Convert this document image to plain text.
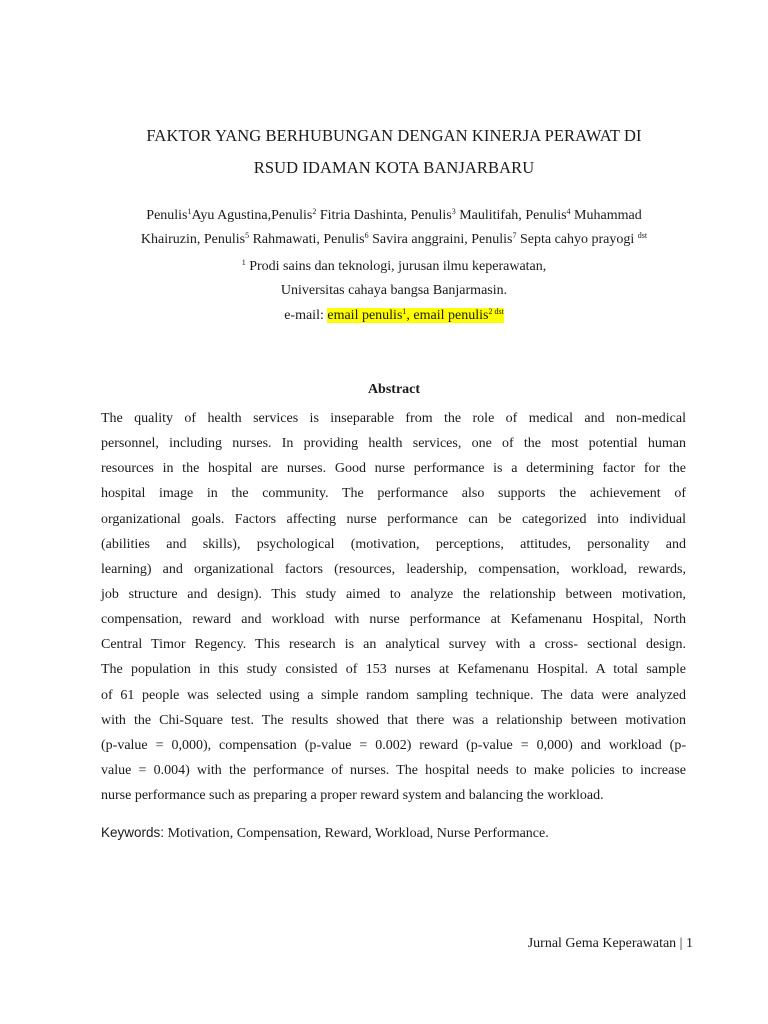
FAKTOR YANG BERHUBUNGAN DENGAN KINERJA PERAWAT DI
RSUD IDAMAN KOTA BANJARBARU
Penulis$^1$Ayu Agustina,Penulis$^2$ Fitria Dashinta, Penulis$^3$ Maulitifah, Penulis$^4$ Muhammad
Khairuzin, Penulis$^5$ Rahmawati, Penulis$^6$ Savira anggraini, Penulis$^7$ Septa cahyo prayogi $^{dst}$
$^1$ Prodi sains dan teknologi, jurusan ilmu keperawatan,
Universitas cahaya bangsa Banjarmasin.
e-mail: email penulis$^1$, email penulis$^2$ $^{dst}$
Abstract
The quality of health services is inseparable from the role of medical and non-medical
personnel, including nurses. In providing health services, one of the most potential human
resources in the hospital are nurses. Good nurse performance is a determining factor for the
hospital image in the community. The performance also supports the achievement of
organizational goals. Factors affecting nurse performance can be categorized into individual
(abilities and skills), psychological (motivation, perceptions, attitudes, personality and
learning) and organizational factors (resources, leadership, compensation, workload, rewards,
job structure and design). This study aimed to analyze the relationship between motivation,
compensation, reward and workload with nurse performance at Kefamenanu Hospital, North
Central Timor Regency. This research is an analytical survey with a cross- sectional design.
The population in this study consisted of 153 nurses at Kefamenanu Hospital. A total sample
of 61 people was selected using a simple random sampling technique. The data were analyzed
with the Chi-Square test. The results showed that there was a relationship between motivation
(p-value = 0,000), compensation (p-value = 0.002) reward (p-value = 0,000) and workload (p-
value = 0.004) with the performance of nurses. The hospital needs to make policies to increase
nurse performance such as preparing a proper reward system and balancing the workload.
Keywords: Motivation, Compensation, Reward, Workload, Nurse Performance.
Jurnal Gema Keperawatan | 1
